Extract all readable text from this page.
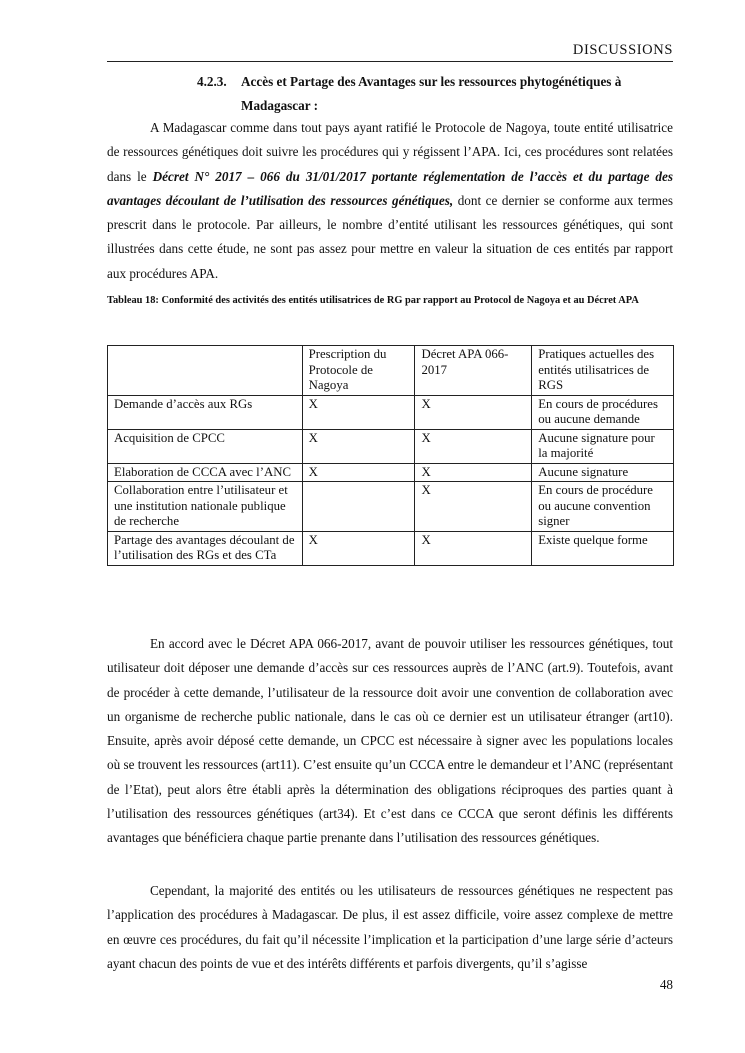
DISCUSSIONS
4.2.3. Accès et Partage des Avantages sur les ressources phytogénétiques à Madagascar :
A Madagascar comme dans tout pays ayant ratifié le Protocole de Nagoya, toute entité utilisatrice de ressources génétiques doit suivre les procédures qui y régissent l’APA. Ici, ces procédures sont relatées dans le Décret N° 2017 – 066 du 31/01/2017 portante réglementation de l’accès et du partage des avantages découlant de l’utilisation des ressources génétiques, dont ce dernier se conforme aux termes prescrit dans le protocole. Par ailleurs, le nombre d’entité utilisant les ressources génétiques, qui sont illustrées dans cette étude, ne sont pas assez pour mettre en valeur la situation de ces entités par rapport aux procédures APA.
Tableau 18: Conformité des activités des entités utilisatrices de RG par rapport au Protocol de Nagoya et au Décret APA
	Prescription du Protocole de Nagoya	Décret APA 066-2017	Pratiques actuelles des entités utilisatrices de RGS
Demande d’accès aux RGs	X	X	En cours de procédures ou aucune demande
Acquisition de CPCC	X	X	Aucune signature pour la majorité
Elaboration de CCCA avec l’ANC	X	X	Aucune signature
Collaboration entre l’utilisateur et une institution nationale publique de recherche		X	En cours de procédure ou aucune convention signer
Partage des avantages découlant de l’utilisation des RGs et des CTa	X	X	Existe quelque forme
En accord avec le Décret APA 066-2017, avant de pouvoir utiliser les ressources génétiques, tout utilisateur doit déposer une demande d’accès sur ces ressources auprès de l’ANC (art.9). Toutefois, avant de procéder à cette demande, l’utilisateur de la ressource doit avoir une convention de collaboration avec un organisme de recherche public nationale, dans le cas où ce dernier est un utilisateur étranger (art10). Ensuite, après avoir déposé cette demande, un CPCC est nécessaire à signer avec les populations locales où se trouvent les ressources (art11). C’est ensuite qu’un CCCA entre le demandeur et l’ANC (représentant de l’Etat), peut alors être établi après la détermination des obligations réciproques des parties quant à l’utilisation des ressources génétiques (art34). Et c’est dans ce CCCA que seront définis les différents avantages que bénéficiera chaque partie prenante dans l’utilisation des ressources génétiques.
Cependant, la majorité des entités ou les utilisateurs de ressources génétiques ne respectent pas l’application des procédures à Madagascar. De plus, il est assez difficile, voire assez complexe de mettre en œuvre ces procédures, du fait qu’il nécessite l’implication et la participation d’une large série d’acteurs ayant chacun des points de vue et des intérêts différents et parfois divergents, qu’il s’agisse
48
